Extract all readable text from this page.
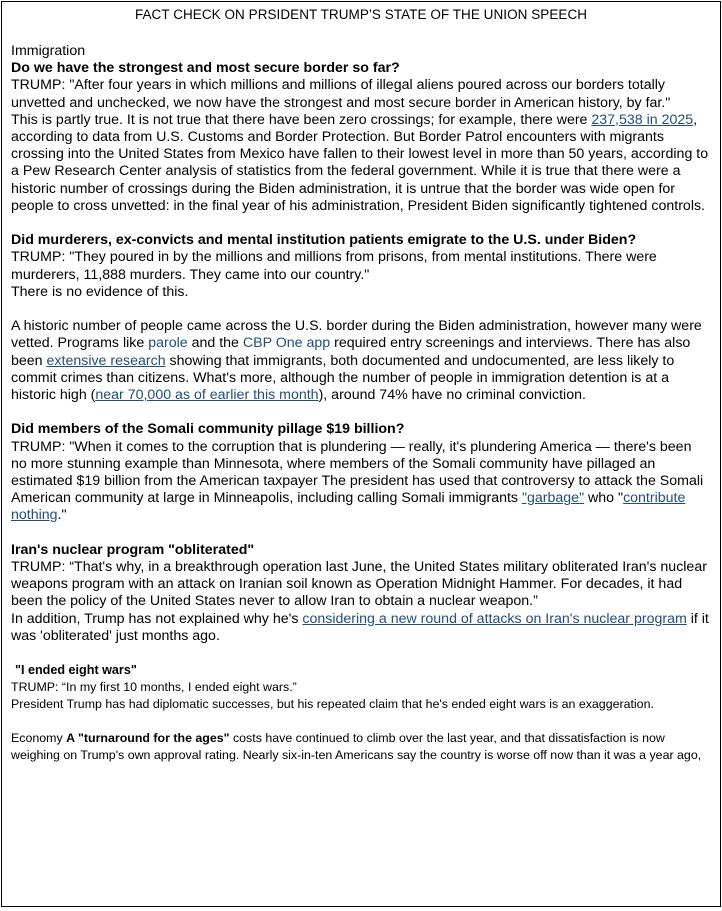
FACT CHECK ON PRSIDENT TRUMP’S STATE OF THE UNION SPEECH

Immigration

Do we have the strongest and most secure border so far?

TRUMP: "After four years in which millions and millions of illegal aliens poured across our borders totally unvetted and unchecked, we now have the strongest and most secure border in American history, by far."

This is partly true. It is not true that there have been zero crossings; for example, there were 237,538 in 2025, according to data from U.S. Customs and Border Protection. But Border Patrol encounters with migrants crossing into the United States from Mexico have fallen to their lowest level in more than 50 years, according to a Pew Research Center analysis of statistics from the federal government. While it is true that there were a historic number of crossings during the Biden administration, it is untrue that the border was wide open for people to cross unvetted: in the final year of his administration, President Biden significantly tightened controls.

Did murderers, ex-convicts and mental institution patients emigrate to the U.S. under Biden?

TRUMP: "They poured in by the millions and millions from prisons, from mental institutions. There were murderers, 11,888 murders. They came into our country."

There is no evidence of this.

A historic number of people came across the U.S. border during the Biden administration, however many were vetted. Programs like parole and the CBP One app required entry screenings and interviews. There has also been extensive research showing that immigrants, both documented and undocumented, are less likely to commit crimes than citizens. What's more, although the number of people in immigration detention is at a historic high (near 70,000 as of earlier this month), around 74% have no criminal conviction.

Did members of the Somali community pillage $19 billion?

TRUMP: "When it comes to the corruption that is plundering — really, it's plundering America — there's been no more stunning example than Minnesota, where members of the Somali community have pillaged an estimated $19 billion from the American taxpayer The president has used that controversy to attack the Somali American community at large in Minneapolis, including calling Somali immigrants "garbage" who "contribute nothing."

Iran's nuclear program "obliterated"

TRUMP: “That's why, in a breakthrough operation last June, the United States military obliterated Iran's nuclear weapons program with an attack on Iranian soil known as Operation Midnight Hammer. For decades, it had been the policy of the United States never to allow Iran to obtain a nuclear weapon.”

In addition, Trump has not explained why he's considering a new round of attacks on Iran's nuclear program if it was 'obliterated' just months ago.

"I ended eight wars"

TRUMP: “In my first 10 months, I ended eight wars.”

President Trump has had diplomatic successes, but his repeated claim that he's ended eight wars is an exaggeration.

Economy A "turnaround for the ages" costs have continued to climb over the last year, and that dissatisfaction is now weighing on Trump's own approval rating. Nearly six-in-ten Americans say the country is worse off now than it was a year ago,
